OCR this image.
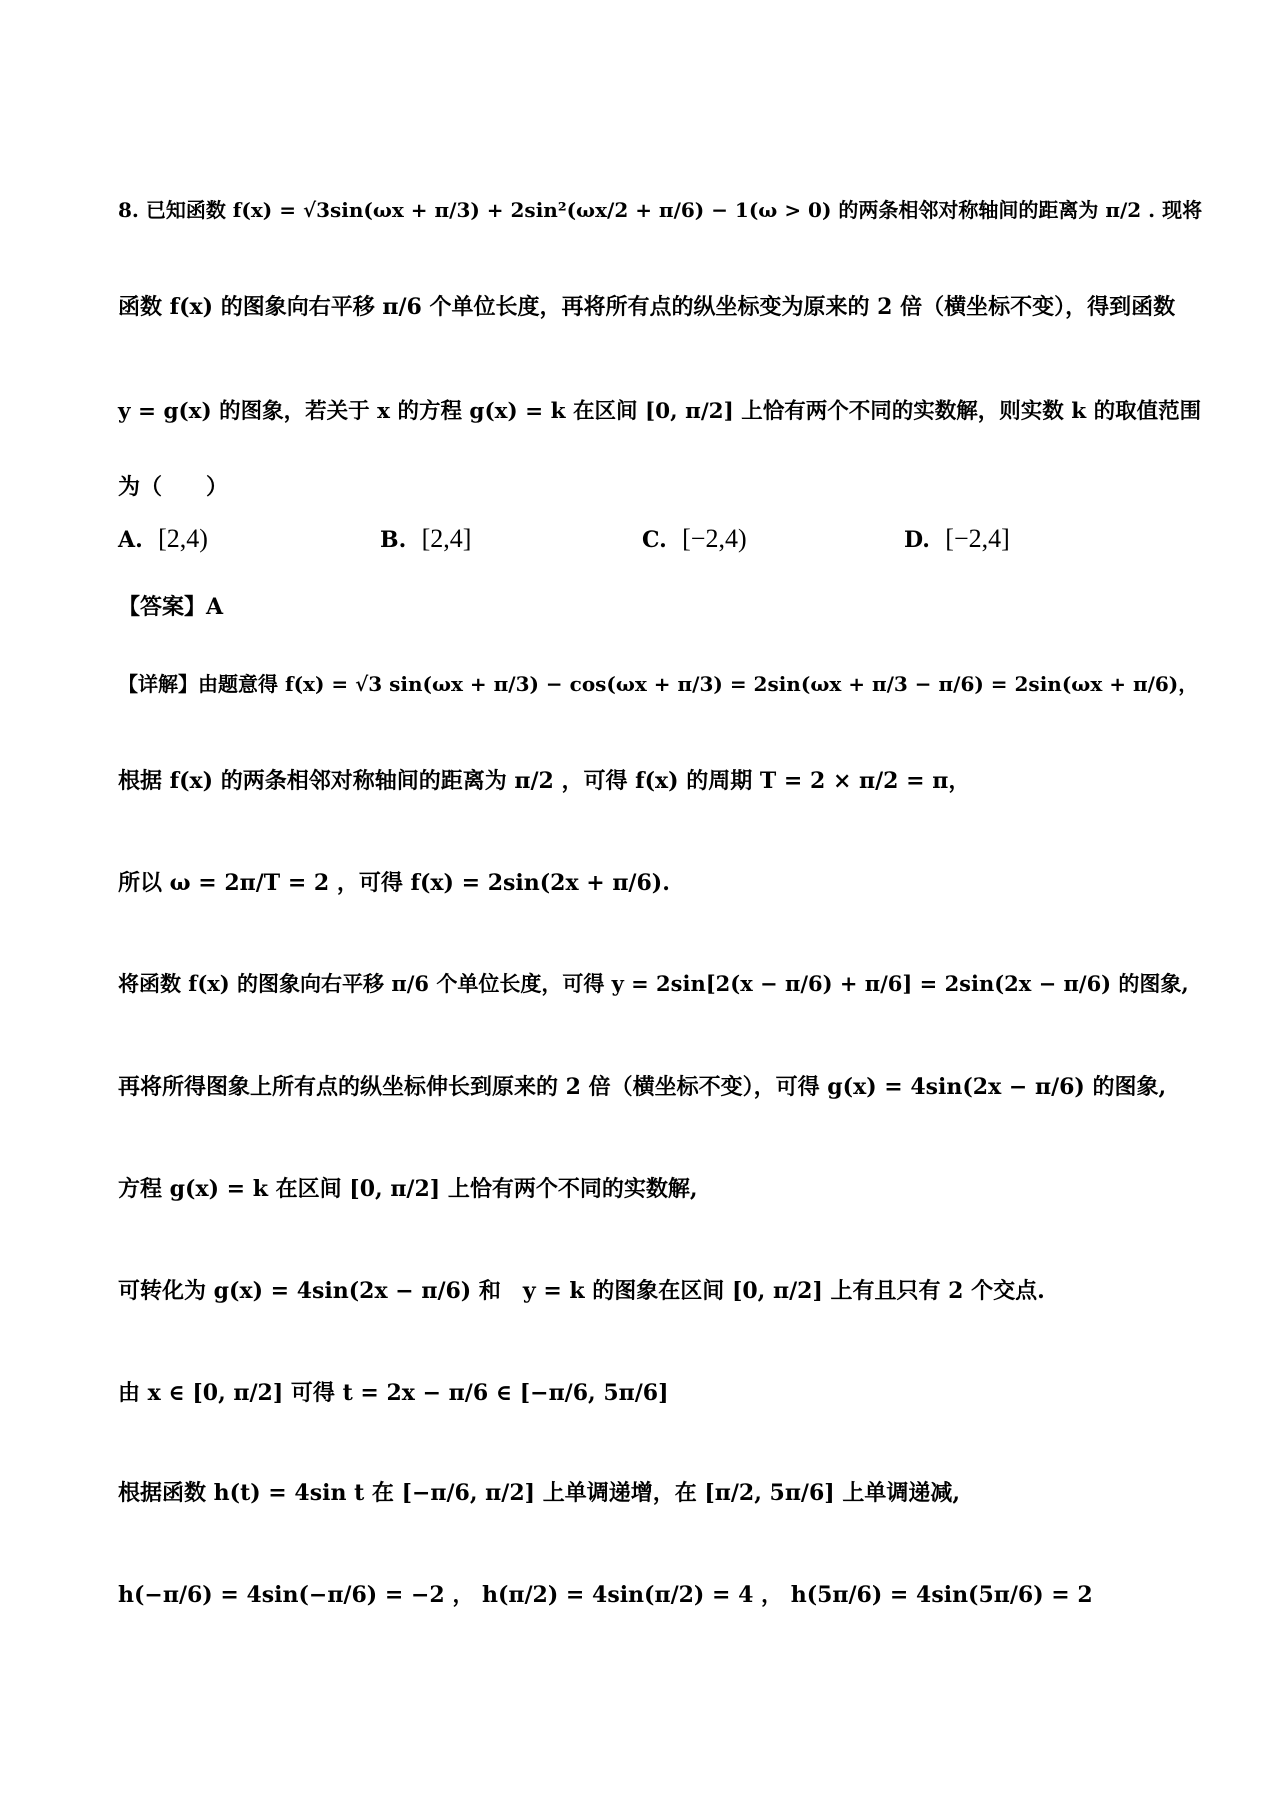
8. 已知函数 f(x) = √3sin(ωx + π/3) + 2sin²(ωx/2 + π/6) − 1(ω > 0) 的两条相邻对称轴间的距离为 π/2 . 现将
函数 f(x) 的图象向右平移 π/6 个单位长度，再将所有点的纵坐标变为原来的 2 倍（横坐标不变），得到函数
y = g(x) 的图象，若关于 x 的方程 g(x) = k 在区间 [0, π/2] 上恰有两个不同的实数解，则实数 k 的取值范围
为（　　）
A. [2,4)	B. [2,4]	C. [−2,4)	D. [−2,4]
【答案】A
【详解】由题意得 f(x) = √3 sin(ωx + π/3) − cos(ωx + π/3) = 2sin(ωx + π/3 − π/6) = 2sin(ωx + π/6)，
根据 f(x) 的两条相邻对称轴间的距离为 π/2 ，可得 f(x) 的周期 T = 2 × π/2 = π，
所以 ω = 2π/T = 2 ，可得 f(x) = 2sin(2x + π/6).
将函数 f(x) 的图象向右平移 π/6 个单位长度，可得 y = 2sin[2(x − π/6) + π/6] = 2sin(2x − π/6) 的图象,
再将所得图象上所有点的纵坐标伸长到原来的 2 倍（横坐标不变），可得 g(x) = 4sin(2x − π/6) 的图象,
方程 g(x) = k 在区间 [0, π/2] 上恰有两个不同的实数解,
可转化为 g(x) = 4sin(2x − π/6) 和　y = k 的图象在区间 [0, π/2] 上有且只有 2 个交点.
由 x ∈ [0, π/2] 可得 t = 2x − π/6 ∈ [−π/6, 5π/6]
根据函数 h(t) = 4sin t 在 [−π/6, π/2] 上单调递增，在 [π/2, 5π/6] 上单调递减,
h(−π/6) = 4sin(−π/6) = −2 ， h(π/2) = 4sin(π/2) = 4 ， h(5π/6) = 4sin(5π/6) = 2
